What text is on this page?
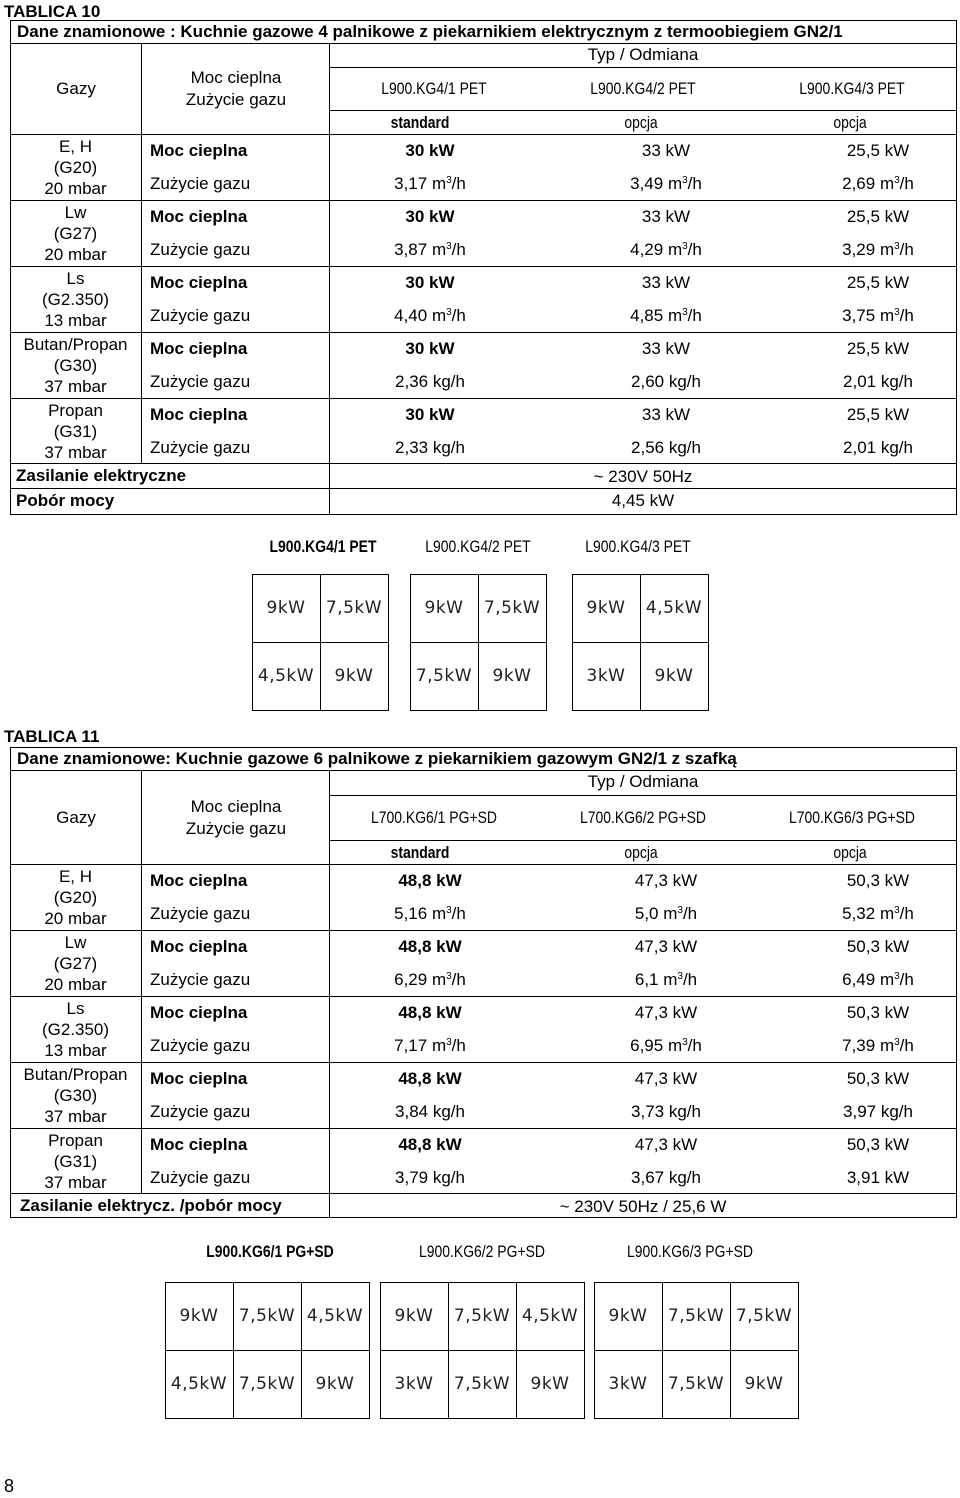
TABLICA 10
Dane znamionowe : Kuchnie gazowe 4 palnikowe z piekarnikiem elektrycznym z termoobiegiem GN2/1
Gazy
Moc cieplna
Zużycie gazu
Typ / Odmiana
L900.KG4/1 PET	L900.KG4/2 PET	L900.KG4/3 PET
standard	opcja	opcja
E, H
(G20)
20 mbar
Moc cieplna
Zużycie gazu
30 kW	33 kW	25,5 kW
3,17 $m^3/h$	3,49 $m^3/h$	2,69 $m^3/h$
Lw
(G27)
20 mbar
Moc cieplna
Zużycie gazu
30 kW	33 kW	25,5 kW
3,87 $m^3/h$	4,29 $m^3/h$	3,29 $m^3/h$
Ls
(G2.350)
13 mbar
Moc cieplna
Zużycie gazu
30 kW	33 kW	25,5 kW
4,40 $m^3/h$	4,85 $m^3/h$	3,75 $m^3/h$
Butan/Propan
(G30)
37 mbar
Moc cieplna
Zużycie gazu
30 kW	33 kW	25,5 kW
2,36 kg/h	2,60 kg/h	2,01 kg/h
Propan
(G31)
37 mbar
Moc cieplna
Zużycie gazu
30 kW	33 kW	25,5 kW
2,33 kg/h	2,56 kg/h	2,01 kg/h
Zasilanie elektryczne	~ 230V 50Hz
Pobór mocy	4,45 kW
L900.KG4/1 PET	L900.KG4/2 PET	L900.KG4/3 PET
9kW 7,5kW
4,5kW 9kW
9kW 7,5kW
7,5kW 9kW
9kW 4,5kW
3kW 9kW
TABLICA 11
Dane znamionowe: Kuchnie gazowe 6 palnikowe z piekarnikiem gazowym GN2/1 z szafką
Gazy
Moc cieplna
Zużycie gazu
Typ / Odmiana
L700.KG6/1 PG+SD	L700.KG6/2 PG+SD	L700.KG6/3 PG+SD
standard	opcja	opcja
E, H
(G20)
20 mbar
Moc cieplna
Zużycie gazu
48,8 kW	47,3 kW	50,3 kW
5,16 $m^3/h$	5,0 $m^3/h$	5,32 $m^3/h$
Lw
(G27)
20 mbar
Moc cieplna
Zużycie gazu
48,8 kW	47,3 kW	50,3 kW
6,29 $m^3/h$	6,1 $m^3/h$	6,49 $m^3/h$
Ls
(G2.350)
13 mbar
Moc cieplna
Zużycie gazu
48,8 kW	47,3 kW	50,3 kW
7,17 $m^3/h$	6,95 $m^3/h$	7,39 $m^3/h$
Butan/Propan
(G30)
37 mbar
Moc cieplna
Zużycie gazu
48,8 kW	47,3 kW	50,3 kW
3,84 kg/h	3,73 kg/h	3,97 kg/h
Propan
(G31)
37 mbar
Moc cieplna
Zużycie gazu
48,8 kW	47,3 kW	50,3 kW
3,79 kg/h	3,67 kg/h	3,91 kW
Zasilanie elektrycz. /pobór mocy	~ 230V 50Hz / 25,6 W
L900.KG6/1 PG+SD	L900.KG6/2 PG+SD	L900.KG6/3 PG+SD
9kW 7,5kW 4,5kW
4,5kW 7,5kW 9kW
9kW 7,5kW 4,5kW
3kW 7,5kW 9kW
9kW 7,5kW 7,5kW
3kW 7,5kW 9kW
8
